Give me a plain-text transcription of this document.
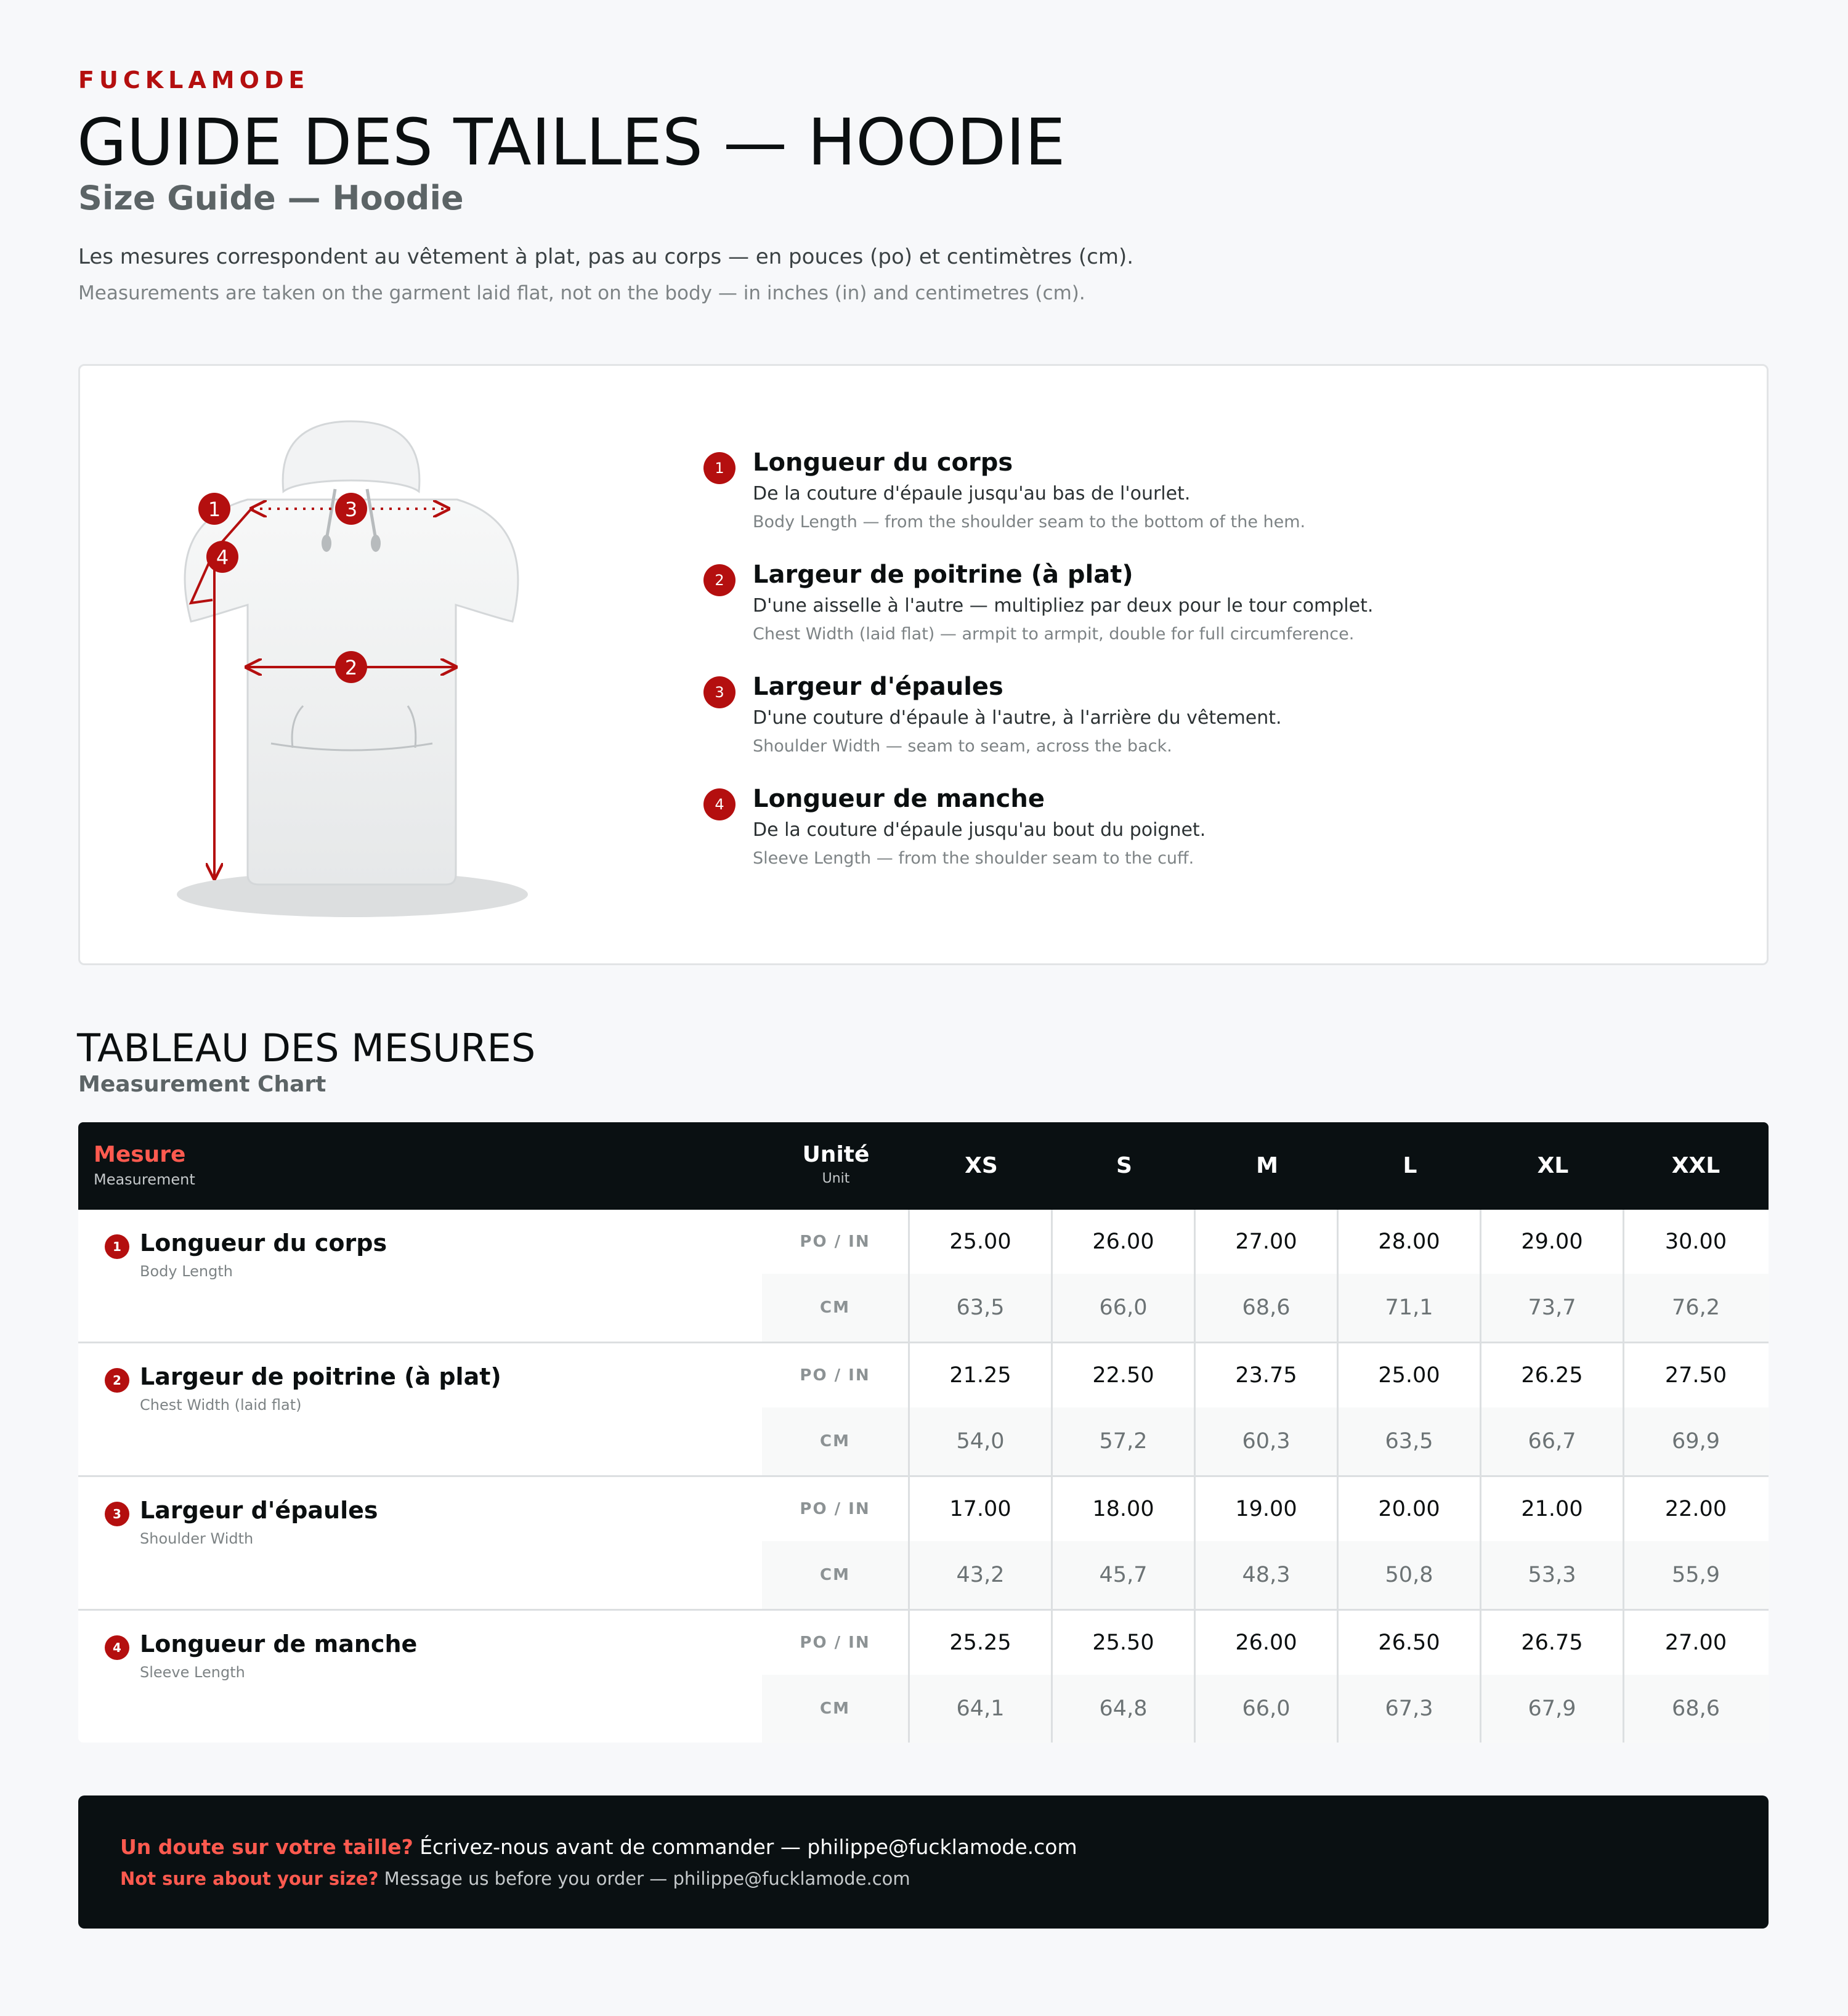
FUCKLAMODE
GUIDE DES TAILLES — HOODIE
Size Guide — Hoodie
Les mesures correspondent au vêtement à plat, pas au corps — en pouces (po) et centimètres (cm).
Measurements are taken on the garment laid flat, not on the body — in inches (in) and centimetres (cm).
1
2
3
4
1	Longueur du corps
De la couture d'épaule jusqu'au bas de l'ourlet.
Body Length — from the shoulder seam to the bottom of the hem.
2	Largeur de poitrine (à plat)
D'une aisselle à l'autre — multipliez par deux pour le tour complet.
Chest Width (laid flat) — armpit to armpit, double for full circumference.
3	Largeur d'épaules
D'une couture d'épaule à l'autre, à l'arrière du vêtement.
Shoulder Width — seam to seam, across the back.
4	Longueur de manche
De la couture d'épaule jusqu'au bout du poignet.
Sleeve Length — from the shoulder seam to the cuff.
TABLEAU DES MESURES
Measurement Chart
Mesure
Measurement
Unité
Unit
XS	S	M	L	XL	XXL
1 Longueur du corps
Body Length
PO / IN	25.00	26.00	27.00	28.00	29.00	30.00
CM	63,5	66,0	68,6	71,1	73,7	76,2
2 Largeur de poitrine (à plat)
Chest Width (laid flat)
PO / IN	21.25	22.50	23.75	25.00	26.25	27.50
CM	54,0	57,2	60,3	63,5	66,7	69,9
3 Largeur d'épaules
Shoulder Width
PO / IN	17.00	18.00	19.00	20.00	21.00	22.00
CM	43,2	45,7	48,3	50,8	53,3	55,9
4 Longueur de manche
Sleeve Length
PO / IN	25.25	25.50	26.00	26.50	26.75	27.00
CM	64,1	64,8	66,0	67,3	67,9	68,6
Un doute sur votre taille? Écrivez-nous avant de commander — philippe@fucklamode.com
Not sure about your size? Message us before you order — philippe@fucklamode.com
